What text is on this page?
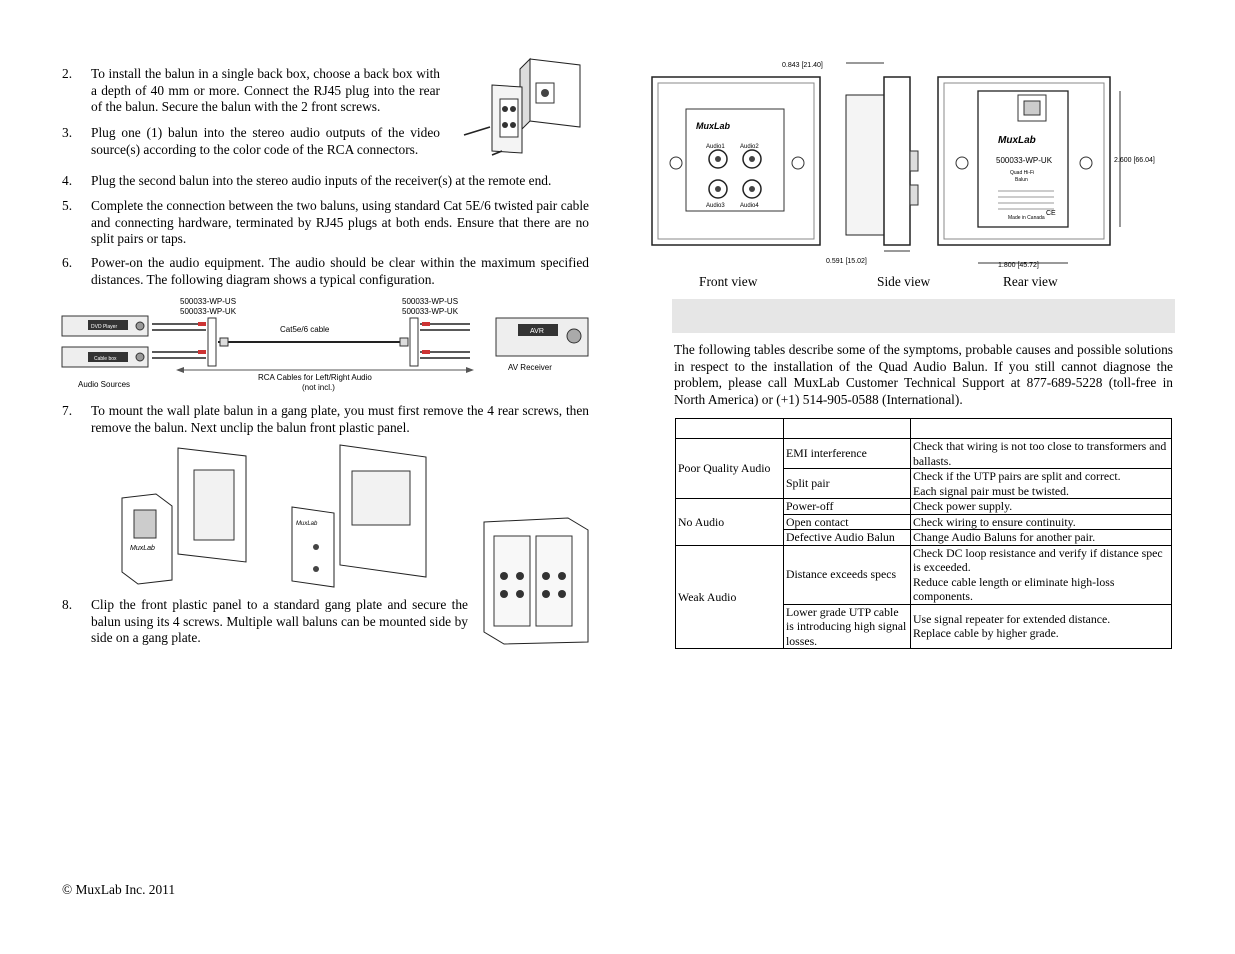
2. To install the balun in a single back box, choose a back box with a depth of 40 mm or more. Connect the RJ45 plug into the rear of the balun. Secure the balun with the 2 front screws.
3. Plug one (1) balun into the stereo audio outputs of the video source(s) according to the color code of the RCA connectors.
4. Plug the second balun into the stereo audio inputs of the receiver(s) at the remote end.
5. Complete the connection between the two baluns, using standard Cat 5E/6 twisted pair cable and connecting hardware, terminated by RJ45 plugs at both ends. Ensure that there are no split pairs or taps.
6. Power-on the audio equipment. The audio should be clear within the maximum specified distances. The following diagram shows a typical configuration.
500033-WP-US
500033-WP-UK
500033-WP-US
500033-WP-UK
Cat5e/6 cable
Audio Sources
AV Receiver
RCA Cables for Left/Right Audio
(not incl.)
DVD Player
Cable box
AVR
7. To mount the wall plate balun in a gang plate, you must first remove the 4 rear screws, then remove the balun. Next unclip the balun front plastic panel.
MuxLab
MuxLab
8. Clip the front plastic panel to a standard gang plate and secure the balun using its 4 screws. Multiple wall baluns can be mounted side by side on a gang plate.
© MuxLab Inc. 2011
MuxLab
Audio1	Audio2
Audio3	Audio4
0.843 [21.40]
0.591 [15.02]
MuxLab
500033-WP-UK
Quad Hi-Fi
Balun
Made in Canada
CE
2.600 [66.04]
1.800 [45.72]
Front view	Side view	Rear view
The following tables describe some of the symptoms, probable causes and possible solutions in respect to the installation of the Quad Audio Balun. If you still cannot diagnose the problem, please call MuxLab Customer Technical Support at 877-689-5228 (toll-free in North America) or (+1) 514-905-0588 (International).

Poor Quality Audio	EMI interference	Check that wiring is not too close to transformers and ballasts.
	Split pair	Check if the UTP pairs are split and correct.
Each signal pair must be twisted.
No Audio	Power-off	Check power supply.
	Open contact	Check wiring to ensure continuity.
	Defective Audio Balun	Change Audio Baluns for another pair.
Weak Audio	Distance exceeds specs	Check DC loop resistance and verify if distance spec is exceeded.
Reduce cable length or eliminate high-loss components.
	Lower grade UTP cable is introducing high signal losses.	Use signal repeater for extended distance.
Replace cable by higher grade.
